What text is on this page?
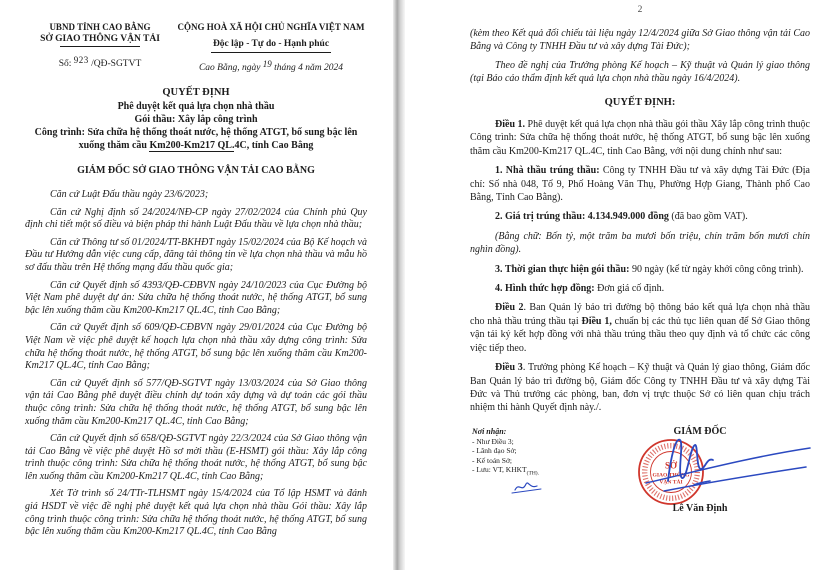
UBND TỈNH CAO BẰNG
SỞ GIAO THÔNG VẬN TẢI
Số: 923 /QĐ-SGTVT
CỘNG HOÀ XÃ HỘI CHỦ NGHĨA VIỆT NAM
Độc lập - Tự do - Hạnh phúc
Cao Bằng, ngày 19 tháng 4 năm 2024
QUYẾT ĐỊNH
Phê duyệt kết quả lựa chọn nhà thầu
Gói thầu: Xây lắp công trình
Công trình: Sửa chữa hệ thống thoát nước, hệ thống ATGT, bổ sung bậc lên xuống thăm cầu Km200-Km217 QL.4C, tỉnh Cao Bằng
GIÁM ĐỐC SỞ GIAO THÔNG VẬN TẢI CAO BẰNG

Căn cứ Luật Đấu thầu ngày 23/6/2023;

Căn cứ Nghị định số 24/2024/NĐ-CP ngày 27/02/2024 của Chính phủ Quy định chi tiết một số điều và biện pháp thi hành Luật Đấu thầu về lựa chọn nhà thầu;

Căn cứ Thông tư số 01/2024/TT-BKHĐT ngày 15/02/2024 của Bộ Kế hoạch và Đầu tư Hướng dẫn việc cung cấp, đăng tải thông tin về lựa chọn nhà thầu và mẫu hồ sơ đấu thầu trên Hệ thống mạng đấu thầu quốc gia;

Căn cứ Quyết định số 4393/QĐ-CĐBVN ngày 24/10/2023 của Cục Đường bộ Việt Nam phê duyệt dự án: Sửa chữa hệ thống thoát nước, hệ thống ATGT, bổ sung bậc lên xuống thăm cầu Km200-Km217 QL.4C, tỉnh Cao Bằng;

Căn cứ Quyết định số 609/QĐ-CĐBVN ngày 29/01/2024 của Cục Đường bộ Việt Nam về việc phê duyệt kế hoạch lựa chọn nhà thầu xây dựng công trình: Sửa chữa hệ thống thoát nước, hệ thống ATGT, bổ sung bậc lên xuống thăm cầu Km200- Km217 QL.4C, tỉnh Cao Bằng;

Căn cứ Quyết định số 577/QĐ-SGTVT ngày 13/03/2024 của Sở Giao thông vận tải Cao Bằng phê duyệt điều chỉnh dự toán xây dựng và dự toán các gói thầu thuộc công trình: Sửa chữa hệ thống thoát nước, hệ thống ATGT, bổ sung bậc lên xuống thăm cầu Km200-Km217 QL.4C, tỉnh Cao Bằng;

Căn cứ Quyết định số 658/QĐ-SGTVT ngày 22/3/2024 của Sở Giao thông vận tải Cao Bằng về việc phê duyệt Hồ sơ mời thầu (E-HSMT) gói thầu: Xây lắp công trình thuộc công trình: Sửa chữa hệ thống thoát nước, hệ thống ATGT, bổ sung bậc lên xuống thăm cầu Km200-Km217 QL.4C, tỉnh Cao Bằng;

Xét Tờ trình số 24/TTr-TLHSMT ngày 15/4/2024 của Tổ lập HSMT và đánh giá HSDT về việc đề nghị phê duyệt kết quả lựa chọn nhà thầu Gói thầu: Xây lắp công trình thuộc công trình: Sửa chữa hệ thống thoát nước, hệ thống ATGT, bổ sung bậc lên xuống thăm cầu Km200-Km217 QL.4C, tỉnh Cao Bằng

2

(kèm theo Kết quả đối chiếu tài liệu ngày 12/4/2024 giữa Sở Giao thông vận tải Cao Bằng và Công ty TNHH Đầu tư và xây dựng Tài Đức);

Theo đề nghị của Trưởng phòng Kế hoạch – Kỹ thuật và Quản lý giao thông (tại Báo cáo thẩm định kết quả lựa chọn nhà thầu ngày 16/4/2024).

QUYẾT ĐỊNH:

Điều 1. Phê duyệt kết quả lựa chọn nhà thầu gói thầu Xây lắp công trình thuộc Công trình: Sửa chữa hệ thống thoát nước, hệ thống ATGT, bổ sung bậc lên xuống thăm cầu Km200-Km217 QL.4C, tỉnh Cao Bằng, với nội dung chính như sau:

1. Nhà thầu trúng thầu: Công ty TNHH Đầu tư và xây dựng Tài Đức (Địa chỉ: Số nhà 048, Tổ 9, Phố Hoàng Văn Thụ, Phường Hợp Giang, Thành phố Cao Bằng, Tỉnh Cao Bằng).

2. Giá trị trúng thầu: 4.134.949.000 đồng (đã bao gồm VAT).

(Bằng chữ: Bốn tỷ, một trăm ba mươi bốn triệu, chín trăm bốn mươi chín nghìn đồng).

3. Thời gian thực hiện gói thầu: 90 ngày (kể từ ngày khởi công công trình).

4. Hình thức hợp đồng: Đơn giá cố định.

Điều 2. Ban Quản lý bảo trì đường bộ thông báo kết quả lựa chọn nhà thầu cho nhà thầu trúng thầu tại Điều 1, chuẩn bị các thủ tục liên quan để Sở Giao thông vận tải ký kết hợp đồng với nhà thầu trúng thầu theo quy định và tổ chức các công việc tiếp theo.

Điều 3. Trưởng phòng Kế hoạch – Kỹ thuật và Quản lý giao thông, Giám đốc Ban Quản lý bảo trì đường bộ, Giám đốc Công ty TNHH Đầu tư và xây dựng Tài Đức và Thủ trưởng các phòng, ban, đơn vị trực thuộc Sở có liên quan chịu trách nhiệm thi hành Quyết định này./.

Nơi nhận:
- Như Điều 3;
- Lãnh đạo Sở;
- Kế toán Sở;
- Lưu: VT, $KHKT_{(TH).}$
GIÁM ĐỐC
SỞ
GIAO THÔNG
VẬN TẢI
Lê Văn Định
